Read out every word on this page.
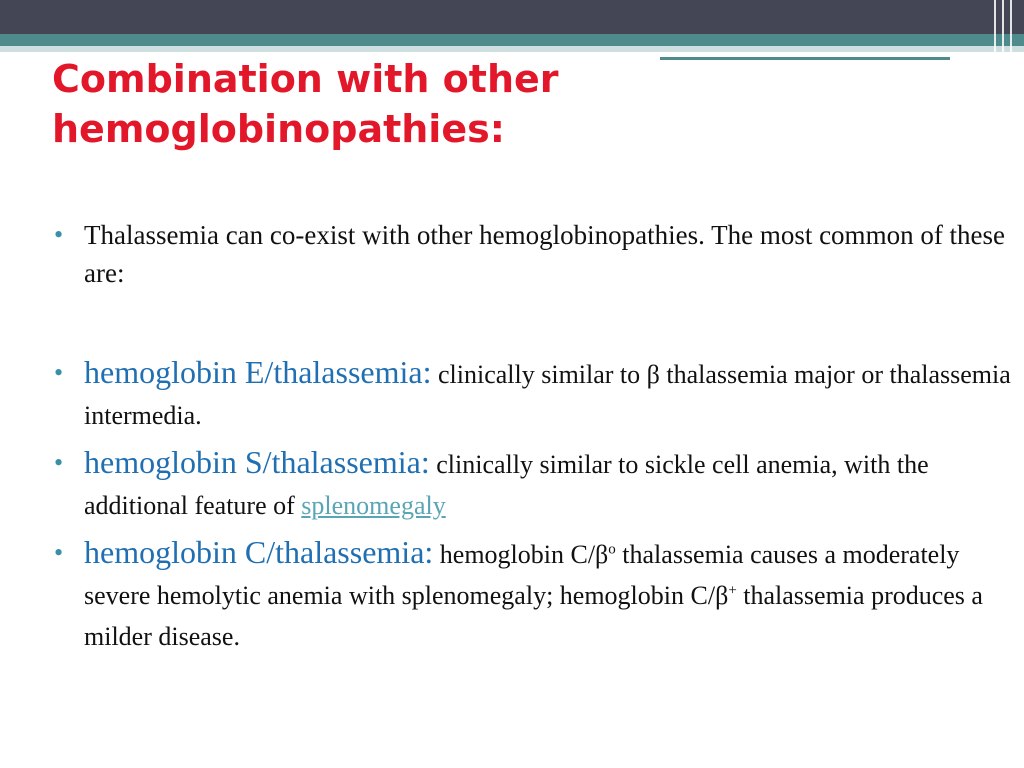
Combination with other
hemoglobinopathies:
• Thalassemia can co-exist with other hemoglobinopathies. The most common of these are:
• hemoglobin E/thalassemia: clinically similar to β thalassemia major or thalassemia intermedia.
• hemoglobin S/thalassemia: clinically similar to sickle cell anemia, with the additional feature of splenomegaly
• hemoglobin C/thalassemia: hemoglobin $C/\beta^o$ thalassemia causes a moderately severe hemolytic anemia with splenomegaly; hemoglobin C/β+ thalassemia produces a milder disease.
